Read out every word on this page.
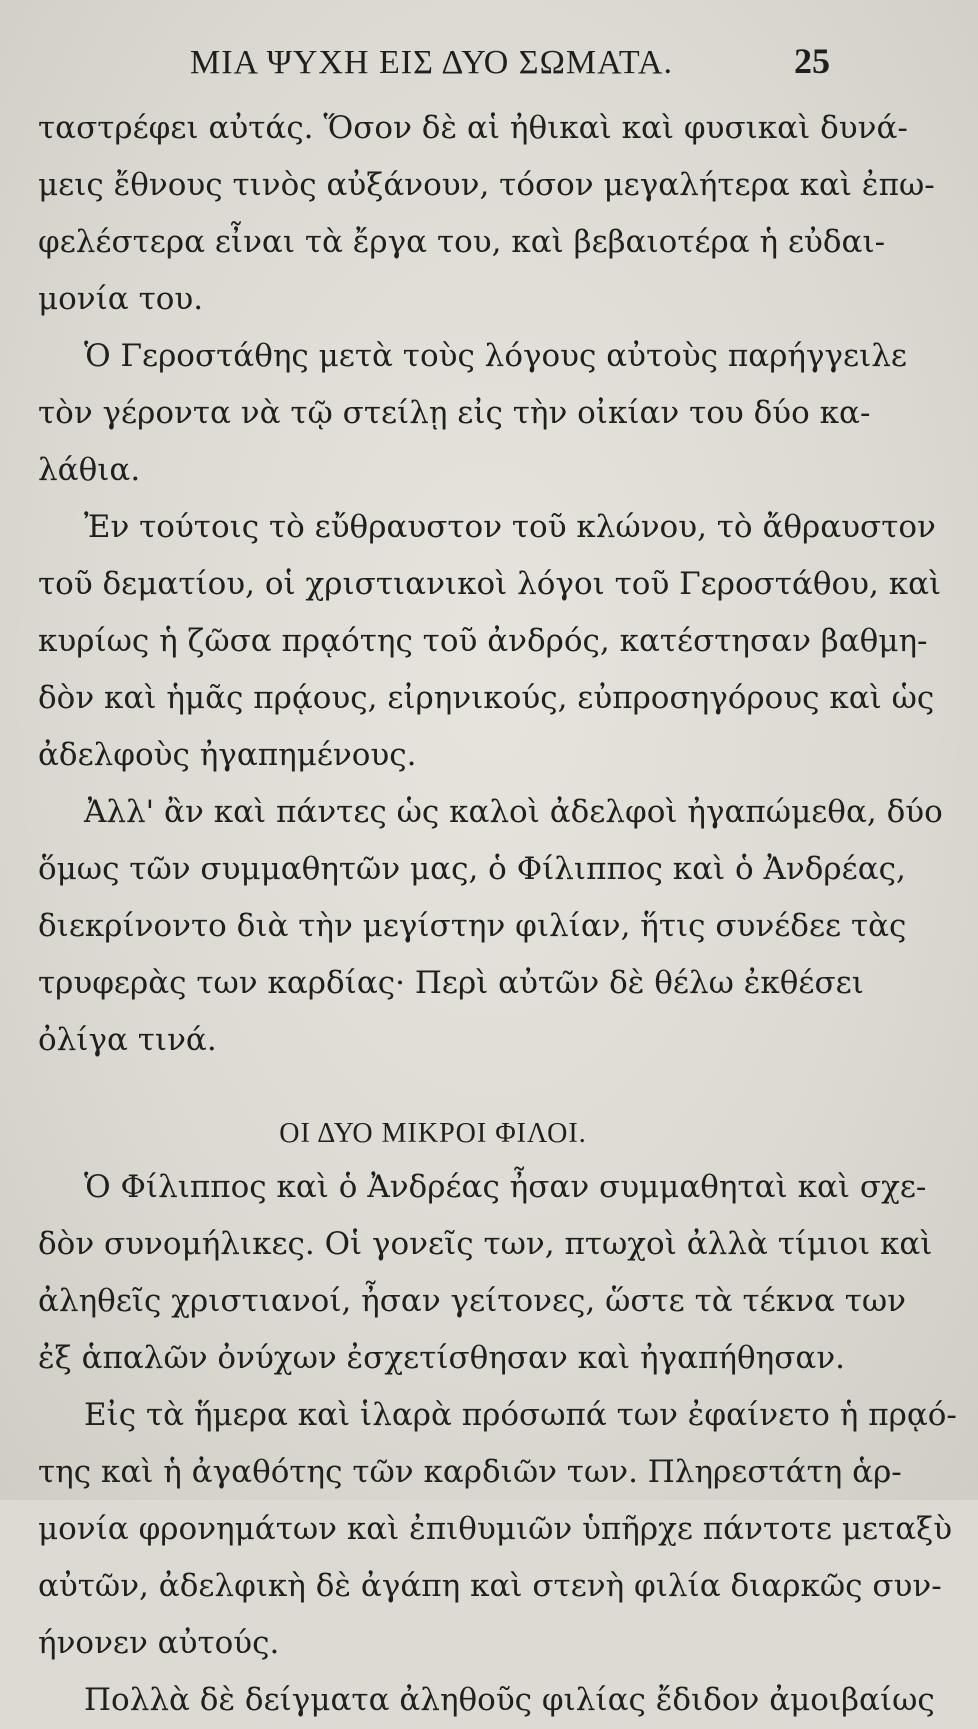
ΜΙΑ ΨΥΧΗ ΕΙΣ ΔΥΟ ΣΩΜΑΤΑ.	25
ταστρέφει αὐτάς. Ὅσον δὲ αἱ ἠθικαὶ καὶ φυσικαὶ δυνά-
μεις ἔθνους τινὸς αὐξάνουν, τόσον μεγαλήτερα καὶ ἐπω-
φελέστερα εἶναι τὰ ἔργα του, καὶ βεβαιοτέρα ἡ εὐδαι-
μονία του.
Ὁ Γεροστάθης μετὰ τοὺς λόγους αὐτοὺς παρήγγειλε
τὸν γέροντα νὰ τῷ στείλῃ εἰς τὴν οἰκίαν του δύο κα-
λάθια.
Ἐν τούτοις τὸ εὔθραυστον τοῦ κλώνου, τὸ ἄθραυστον
τοῦ δεματίου, οἱ χριστιανικοὶ λόγοι τοῦ Γεροστάθου, καὶ
κυρίως ἡ ζῶσα πρᾳότης τοῦ ἀνδρός, κατέστησαν βαθμη-
δὸν καὶ ἡμᾶς πρᾴους, εἰρηνικούς, εὐπροσηγόρους καὶ ὡς
ἀδελφοὺς ἠγαπημένους.
Ἀλλ' ἂν καὶ πάντες ὡς καλοὶ ἀδελφοὶ ἠγαπώμεθα, δύο
ὅμως τῶν συμμαθητῶν μας, ὁ Φίλιππος καὶ ὁ Ἀνδρέας,
διεκρίνοντο διὰ τὴν μεγίστην φιλίαν, ἥτις συνέδεε τὰς
τρυφερὰς των καρδίας· Περὶ αὐτῶν δὲ θέλω ἐκθέσει
ὀλίγα τινά.
ΟΙ ΔΥΟ ΜΙΚΡΟΙ ΦΙΛΟΙ.
Ὁ Φίλιππος καὶ ὁ Ἀνδρέας ἦσαν συμμαθηταὶ καὶ σχε-
δὸν συνομήλικες. Οἱ γονεῖς των, πτωχοὶ ἀλλὰ τίμιοι καὶ
ἀληθεῖς χριστιανοί, ἦσαν γείτονες, ὥστε τὰ τέκνα των
ἐξ ἁπαλῶν ὀνύχων ἐσχετίσθησαν καὶ ἠγαπήθησαν.
Εἰς τὰ ἥμερα καὶ ἱλαρὰ πρόσωπά των ἐφαίνετο ἡ πρᾳό-
της καὶ ἡ ἀγαθότης τῶν καρδιῶν των. Πληρεστάτη ἁρ-
μονία φρονημάτων καὶ ἐπιθυμιῶν ὑπῆρχε πάντοτε μεταξὺ
αὐτῶν, ἀδελφικὴ δὲ ἀγάπη καὶ στενὴ φιλία διαρκῶς συν-
ήνονεν αὐτούς.
Πολλὰ δὲ δείγματα ἀληθοῦς φιλίας ἔδιδον ἀμοιβαίως
